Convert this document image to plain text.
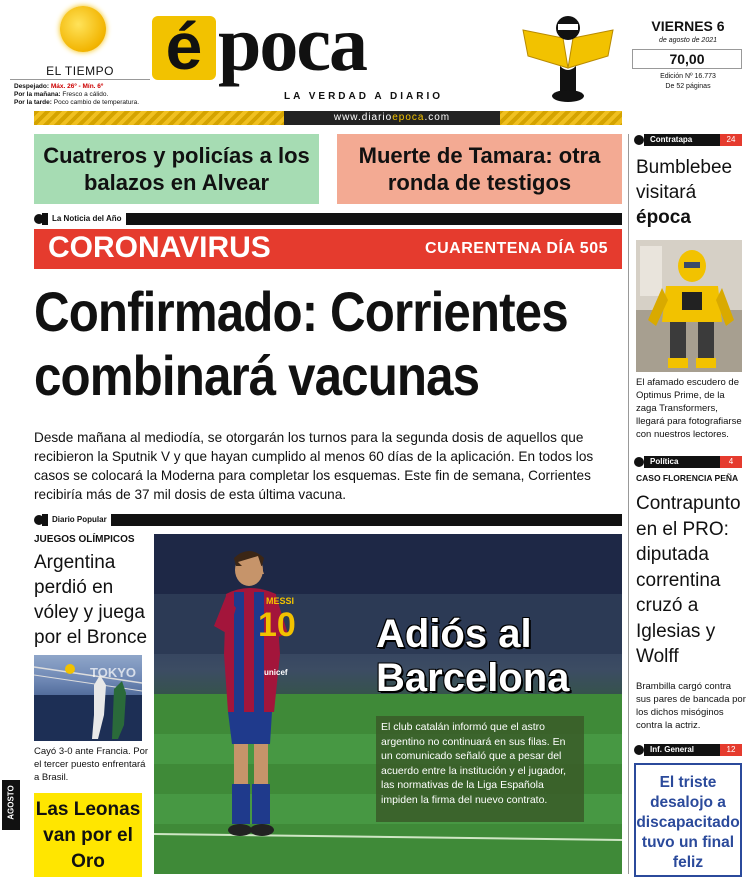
EL TIEMPO
Despejado: Máx. 26º - Mín. 6º
Por la mañana: Fresco a cálido.
Por la tarde: Poco cambio de temperatura.
é poca
LA VERDAD A DIARIO
VIERNES 6
de agosto de 2021
70,00
Edición Nº 16.773
De 52 páginas
www.diarioepoca.com
Cuatreros y policías a los balazos en Alvear
Muerte de Tamara: otra ronda de testigos
La Noticia del Año
CORONAVIRUS	CUARENTENA DÍA 505
Confirmado: Corrientes combinará vacunas
Desde mañana al mediodía, se otorgarán los turnos para la segunda dosis de aquellos que recibieron la Sputnik V y que hayan cumplido al menos 60 días de la aplicación. En todos los casos se colocará la Moderna para completar los esquemas. Este fin de semana, Corrientes recibiría más de 37 mil dosis de esta última vacuna.
Diario Popular
JUEGOS OLÍMPICOS
Argentina perdió en vóley y juega por el Bronce
TOKYO
Cayó 3-0 ante Francia. Por el tercer puesto enfrentará a Brasil.
Las Leonas van por el Oro
AGOSTO
MESSI
10
unicef
Adiós al Barcelona
El club catalán informó que el astro argentino no continuará en sus filas. En un comunicado señaló que a pesar del acuerdo entre la institución y el jugador, las normativas de la Liga Española impiden la firma del nuevo contrato.
Contratapa	24
Bumblebee visitará
época
El afamado escudero de Optimus Prime, de la zaga Transformers, llegará para fotografiarse con nuestros lectores.
Política	4
CASO FLORENCIA PEÑA
Contrapunto en el PRO: diputada correntina cruzó a Iglesias y Wolff
Brambilla cargó contra sus pares de bancada por los dichos misóginos contra la actriz.
Inf. General	12
El triste desalojo a discapacitado tuvo un final feliz
